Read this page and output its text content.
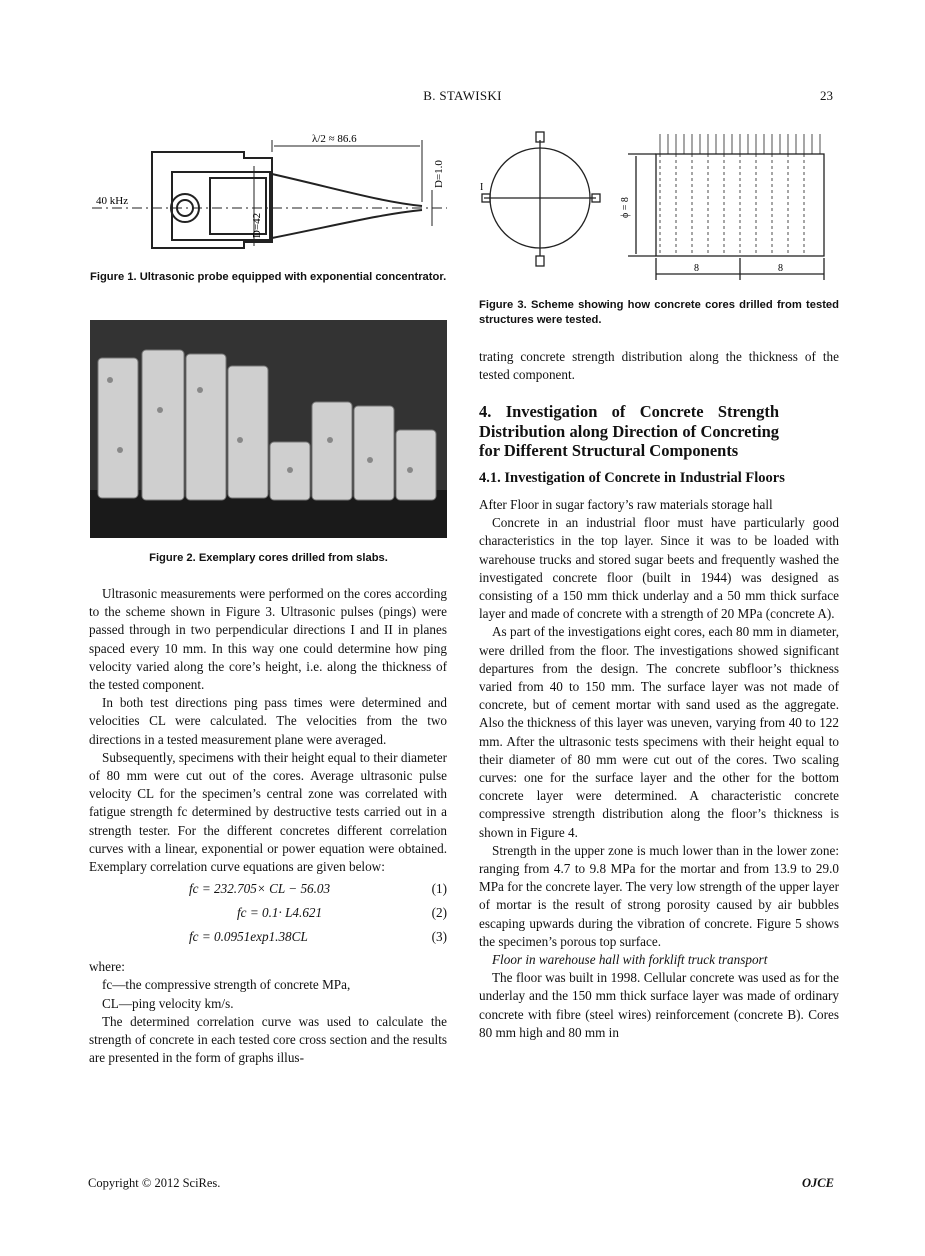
B. STAWISKI	23
λ/2 ≈ 86.6
40 kHz
D=42
D=1.0
Figure 1. Ultrasonic probe equipped with exponential concentrator.
Figure 2. Exemplary cores drilled from slabs.

Ultrasonic measurements were performed on the cores according to the scheme shown in Figure 3. Ultrasonic pulses (pings) were passed through in two perpendicular directions I and II in planes spaced every 10 mm. In this way one could determine how ping velocity varied along the core’s height, i.e. along the thickness of the tested component.

In both test directions ping pass times were determined and velocities CL were calculated. The velocities from the two directions in a tested measurement plane were averaged.

Subsequently, specimens with their height equal to their diameter of 80 mm were cut out of the cores. Average ultrasonic pulse velocity CL for the specimen’s central zone was correlated with fatigue strength fc determined by destructive tests carried out in a strength tester. For the different concretes different correlation curves with a linear, exponential or power equation were obtained. Exemplary correlation curve equations are given below:

fc = 232.705× CL − 56.03	(1)
fc = 0.1· L4.621	(2)
fc = 0.0951exp1.38CL	(3)

where:

fc—the compressive strength of concrete MPa,

CL—ping velocity km/s.

The determined correlation curve was used to calculate the strength of concrete in each tested core cross section and the results are presented in the form of graphs illus-

I
ϕ = 8
8	8
Figure 3. Scheme showing how concrete cores drilled from tested structures were tested.

trating concrete strength distribution along the thickness of the tested component.

4. Investigation of Concrete Strength Distribution along Direction of Concreting for Different Structural Components
4.1. Investigation of Concrete in Industrial Floors

After Floor in sugar factory’s raw materials storage hall

Concrete in an industrial floor must have particularly good characteristics in the top layer. Since it was to be loaded with warehouse trucks and stored sugar beets and frequently washed the investigated concrete floor (built in 1944) was designed as consisting of a 150 mm thick underlay and a 50 mm thick surface layer and made of concrete with a strength of 20 MPa (concrete A).

As part of the investigations eight cores, each 80 mm in diameter, were drilled from the floor. The investigations showed significant departures from the design. The concrete subfloor’s thickness varied from 40 to 150 mm. The surface layer was not made of concrete, but of cement mortar with sand used as the aggregate. Also the thickness of this layer was uneven, varying from 40 to 122 mm. After the ultrasonic tests specimens with their height equal to their diameter of 80 mm were cut out of the cores. Two scaling curves: one for the surface layer and the other for the bottom concrete layer were determined. A characteristic concrete compressive strength distribution along the floor’s thickness is shown in Figure 4.

Strength in the upper zone is much lower than in the lower zone: ranging from 4.7 to 9.8 MPa for the mortar and from 13.9 to 29.0 MPa for the concrete layer. The very low strength of the upper layer of mortar is the result of strong porosity caused by air bubbles escaping upwards during the vibration of concrete. Figure 5 shows the specimen’s porous top surface.

Floor in warehouse hall with forklift truck transport

The floor was built in 1998. Cellular concrete was used as for the underlay and the 150 mm thick surface layer was made of ordinary concrete with fibre (steel wires) reinforcement (concrete B). Cores 80 mm high and 80 mm in

Copyright © 2012 SciRes.	OJCE
